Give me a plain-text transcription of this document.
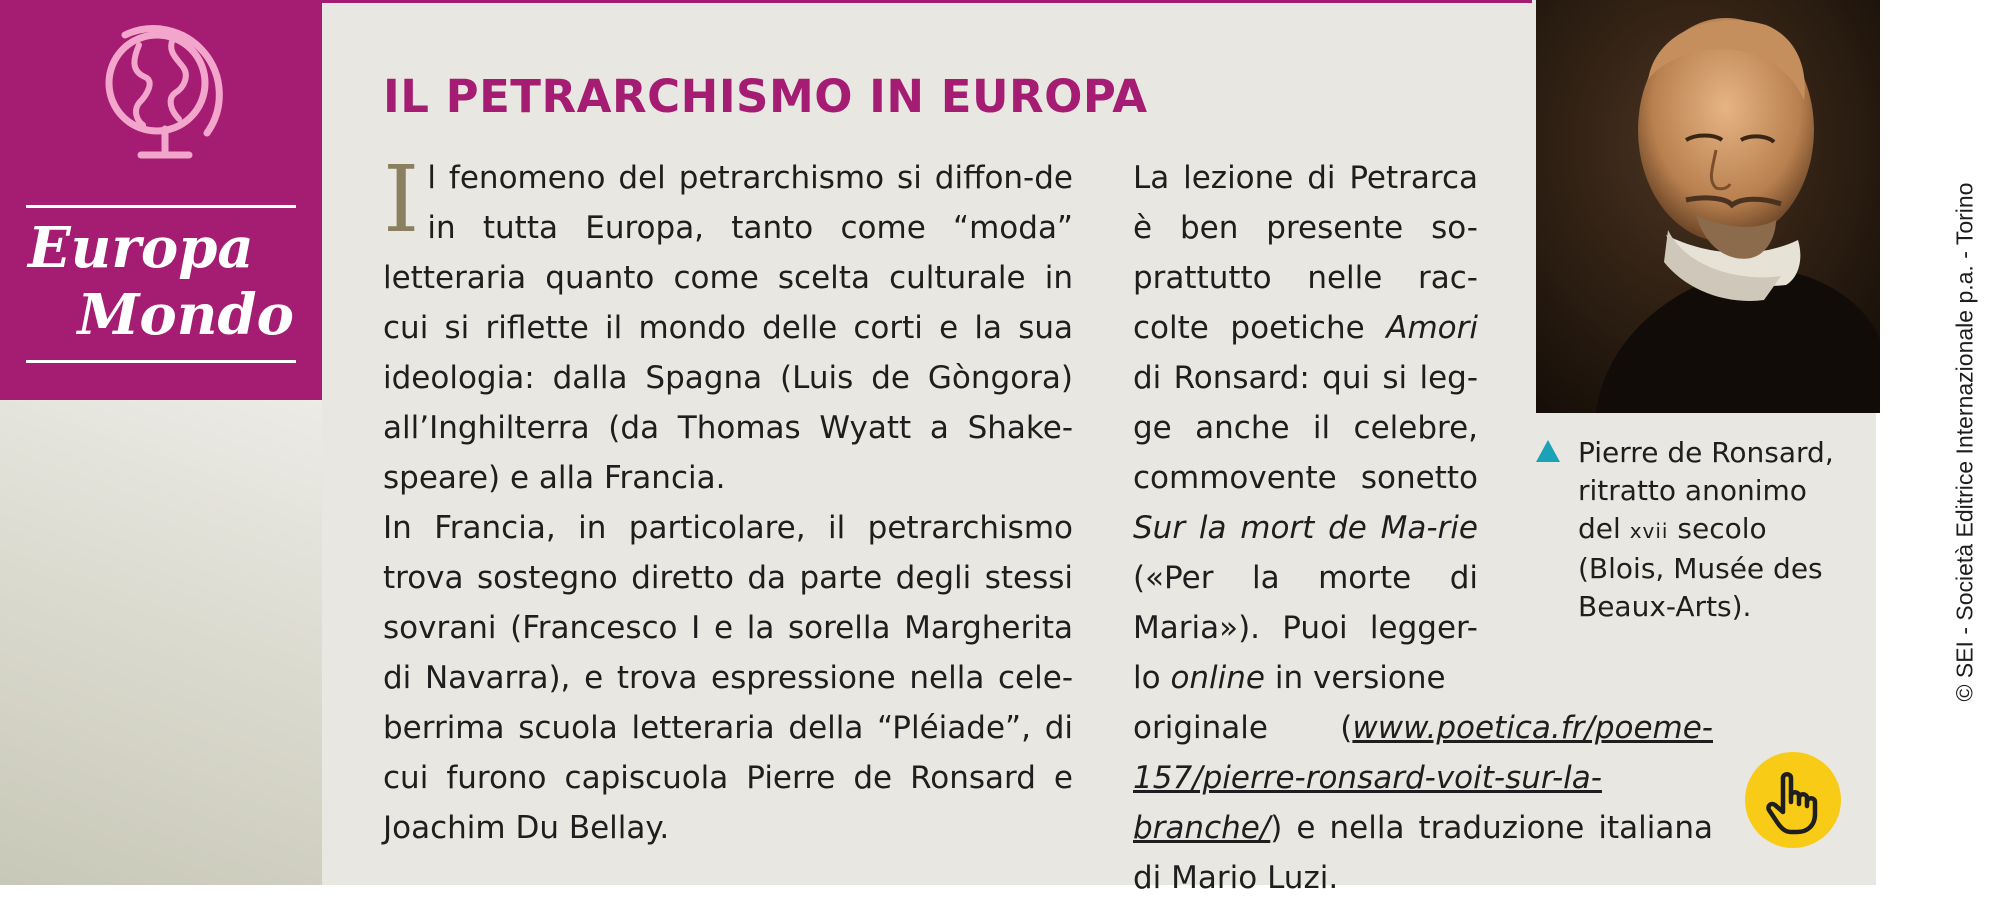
Europa
Mondo
IL PETRARCHISMO IN EUROPA

Il fenomeno del petrarchismo si diffon-de in tutta Europa, tanto come “moda” letteraria quanto come scelta culturale in cui si riflette il mondo delle corti e la sua ideologia: dalla Spagna (Luis de Gòngora) all’Inghilterra (da Thomas Wyatt a Shake-speare) e alla Francia.

In Francia, in particolare, il petrarchismo trova sostegno diretto da parte degli stessi sovrani (Francesco I e la sorella Margherita di Navarra), e trova espressione nella cele-berrima scuola letteraria della “Pléiade”, di cui furono capiscuola Pierre de Ronsard e Joachim Du Bellay.

La lezione di Petrarca è ben presente so-prattutto nelle rac-colte poetiche Amori di Ronsard: qui si leg-ge anche il celebre, commovente sonetto Sur la mort de Ma-rie («Per la morte di Maria»). Puoi legger-lo online in versione
originale (www.poetica.fr/poeme-157/pierre-ronsard-voit-sur-la-branche/) e nella traduzione italiana di Mario Luzi.

Pierre de Ronsard, ritratto anonimo del xvii secolo (Blois, Musée des Beaux-Arts).	© SEI - Società Editrice Internazionale p.a. - Torino
